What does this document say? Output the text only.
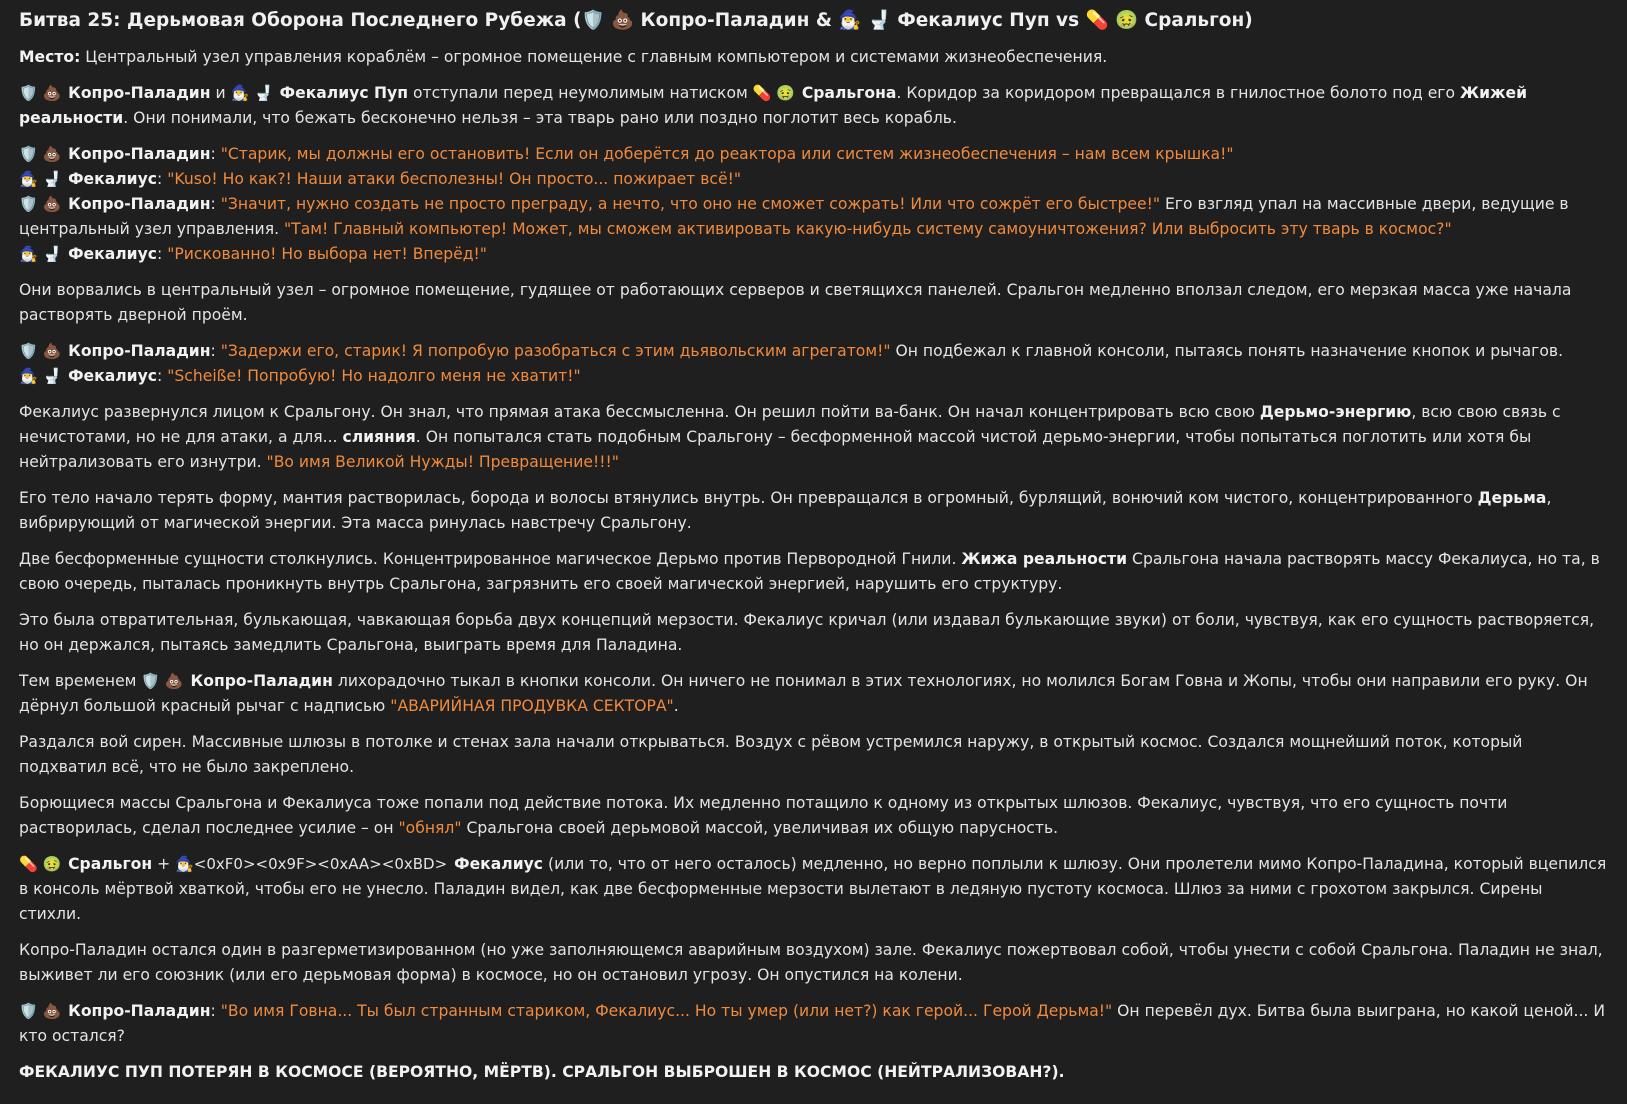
Битва 25: Дерьмовая Оборона Последнего Рубежа (🛡️ 💩 Копро-Паладин & 🧙‍♂️ 🚽 Фекалиус Пуп vs 💊 🤢 Сральгон)

Место: Центральный узел управления кораблём – огромное помещение с главным компьютером и системами жизнеобеспечения.

🛡️ 💩 Копро-Паладин и 🧙‍♂️ 🚽 Фекалиус Пуп отступали перед неумолимым натиском 💊 🤢 Сральгона. Коридор за коридором превращался в гнилостное болото под его Жижей реальности. Они понимали, что бежать бесконечно нельзя – эта тварь рано или поздно поглотит весь корабль.

🛡️ 💩 Копро-Паладин: "Старик, мы должны его остановить! Если он доберётся до реактора или систем жизнеобеспечения – нам всем крышка!"

🧙‍♂️ 🚽 Фекалиус: "Kuso! Но как?! Наши атаки бесполезны! Он просто... пожирает всё!"

🛡️ 💩 Копро-Паладин: "Значит, нужно создать не просто преграду, а нечто, что оно не сможет сожрать! Или что сожрёт его быстрее!" Его взгляд упал на массивные двери, ведущие в центральный узел управления. "Там! Главный компьютер! Может, мы сможем активировать какую-нибудь систему самоуничтожения? Или выбросить эту тварь в космос?"

🧙‍♂️ 🚽 Фекалиус: "Рискованно! Но выбора нет! Вперёд!"

Они ворвались в центральный узел – огромное помещение, гудящее от работающих серверов и светящихся панелей. Сральгон медленно вползал следом, его мерзкая масса уже начала растворять дверной проём.

🛡️ 💩 Копро-Паладин: "Задержи его, старик! Я попробую разобраться с этим дьявольским агрегатом!" Он подбежал к главной консоли, пытаясь понять назначение кнопок и рычагов.

🧙‍♂️ 🚽 Фекалиус: "Scheiße! Попробую! Но надолго меня не хватит!"

Фекалиус развернулся лицом к Сральгону. Он знал, что прямая атака бессмысленна. Он решил пойти ва-банк. Он начал концентрировать всю свою Дерьмо-энергию, всю свою связь с нечистотами, но не для атаки, а для... слияния. Он попытался стать подобным Сральгону – бесформенной массой чистой дерьмо-энергии, чтобы попытаться поглотить или хотя бы нейтрализовать его изнутри. "Во имя Великой Нужды! Превращение!!!"

Его тело начало терять форму, мантия растворилась, борода и волосы втянулись внутрь. Он превращался в огромный, бурлящий, вонючий ком чистого, концентрированного Дерьма, вибрирующий от магической энергии. Эта масса ринулась навстречу Сральгону.

Две бесформенные сущности столкнулись. Концентрированное магическое Дерьмо против Первородной Гнили. Жижа реальности Сральгона начала растворять массу Фекалиуса, но та, в свою очередь, пыталась проникнуть внутрь Сральгона, загрязнить его своей магической энергией, нарушить его структуру.

Это была отвратительная, булькающая, чавкающая борьба двух концепций мерзости. Фекалиус кричал (или издавал булькающие звуки) от боли, чувствуя, как его сущность растворяется, но он держался, пытаясь замедлить Сральгона, выиграть время для Паладина.

Тем временем 🛡️ 💩 Копро-Паладин лихорадочно тыкал в кнопки консоли. Он ничего не понимал в этих технологиях, но молился Богам Говна и Жопы, чтобы они направили его руку. Он дёрнул большой красный рычаг с надписью "АВАРИЙНАЯ ПРОДУВКА СЕКТОРА".

Раздался вой сирен. Массивные шлюзы в потолке и стенах зала начали открываться. Воздух с рёвом устремился наружу, в открытый космос. Создался мощнейший поток, который подхватил всё, что не было закреплено.

Борющиеся массы Сральгона и Фекалиуса тоже попали под действие потока. Их медленно потащило к одному из открытых шлюзов. Фекалиус, чувствуя, что его сущность почти растворилась, сделал последнее усилие – он "обнял" Сральгона своей дерьмовой массой, увеличивая их общую парусность.

💊 🤢 Сральгон + 🧙‍♂️<0xF0><0x9F><0xAA><0xBD> Фекалиус (или то, что от него осталось) медленно, но верно поплыли к шлюзу. Они пролетели мимо Копро-Паладина, который вцепился в консоль мёртвой хваткой, чтобы его не унесло. Паладин видел, как две бесформенные мерзости вылетают в ледяную пустоту космоса. Шлюз за ними с грохотом закрылся. Сирены стихли.

Копро-Паладин остался один в разгерметизированном (но уже заполняющемся аварийным воздухом) зале. Фекалиус пожертвовал собой, чтобы унести с собой Сральгона. Паладин не знал, выживет ли его союзник (или его дерьмовая форма) в космосе, но он остановил угрозу. Он опустился на колени.

🛡️ 💩 Копро-Паладин: "Во имя Говна... Ты был странным стариком, Фекалиус... Но ты умер (или нет?) как герой... Герой Дерьма!" Он перевёл дух. Битва была выиграна, но какой ценой... И кто остался?

ФЕКАЛИУС ПУП ПОТЕРЯН В КОСМОСЕ (ВЕРОЯТНО, МЁРТВ). СРАЛЬГОН ВЫБРОШЕН В КОСМОС (НЕЙТРАЛИЗОВАН?).
